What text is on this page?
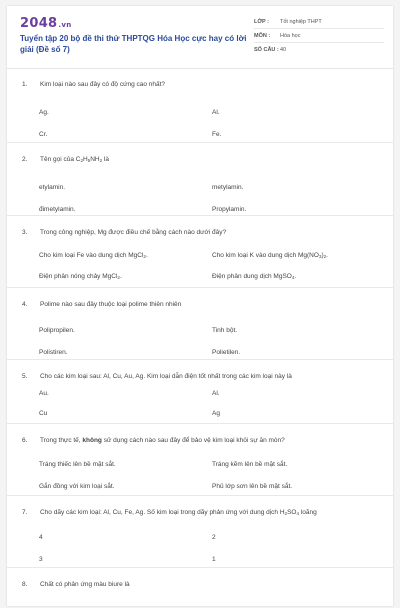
2048.vn
Tuyển tập 20 bộ đề thi thử THPTQG Hóa Học cực hay có lời giải (Đề số 7)
LỚP :	Tốt nghiệp THPT
MÔN :	Hóa học
SỐ CÂU : 40
1. Kim loại nào sau đây có độ cứng cao nhất?
Ag.	Al.
Cr.	Fe.
2. Tên gọi của $C_2H_5NH_2$ là
etylamin.	metylamin.
đimetylamin.	Propylamin.
3. Trong công nghiệp, Mg được điều chế bằng cách nào dưới đây?
Cho kim loại Fe vào dung dịch MgCl$_2$.	Cho kim loại K vào dung dịch $Mg(NO_3)_2$.
Điện phân nóng chảy MgCl$_2$.	Điện phân dung dịch MgSO$_4$.
4. Polime nào sau đây thuộc loại polime thiên nhiên
Polipropilen.	Tinh bột.
Polistiren.	Polietilen.
5. Cho các kim loại sau: Al, Cu, Au, Ag. Kim loại dẫn điện tốt nhất trong các kim loại này là
Au.	Al.
Cu	Ag
6. Trong thực tế, không sử dụng cách nào sau đây để bảo vệ kim loại khỏi sự ăn mòn?
Tráng thiếc lên bề mặt sắt.	Tráng kẽm lên bề mặt sắt.
Gắn đồng với kim loại sắt.	Phủ lớp sơn lên bề mặt sắt.
7. Cho dãy các kim loại: Al, Cu, Fe, Ag. Số kim loại trong dãy phản ứng với dung dịch $H_2SO_4$ loãng
4	2
3	1
8. Chất có phản ứng màu biure là
